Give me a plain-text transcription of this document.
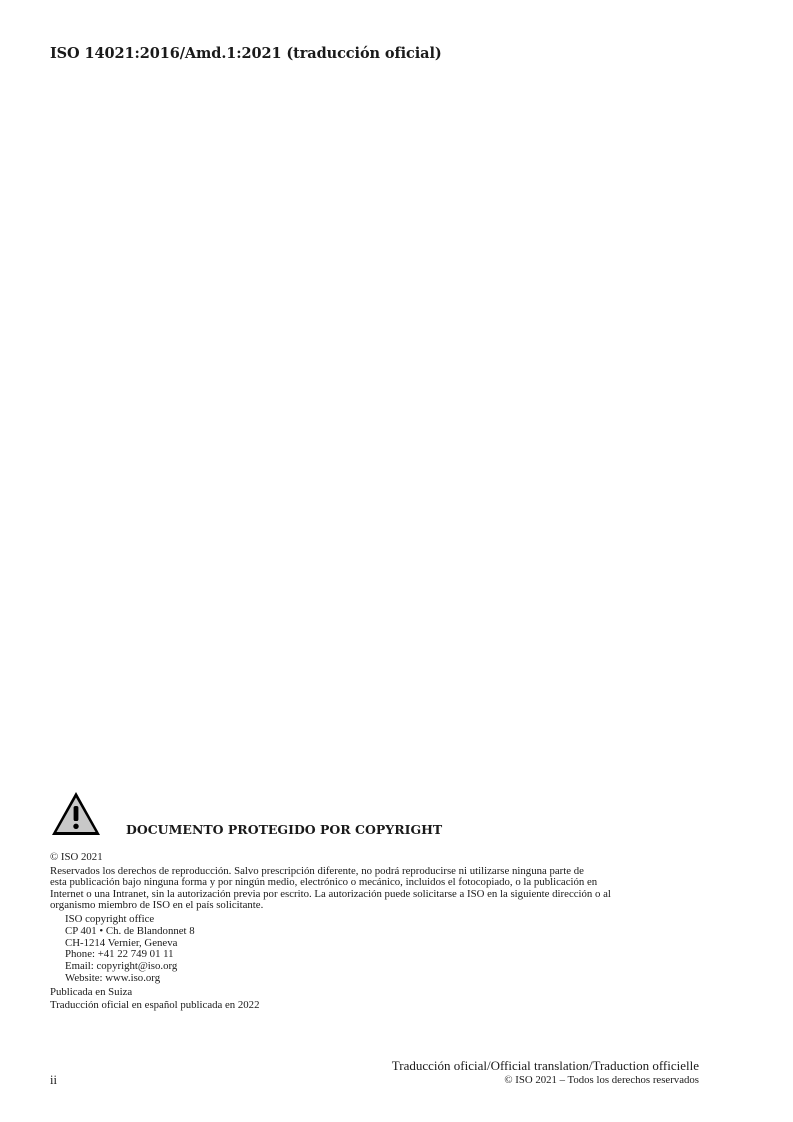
ISO 14021:2016/Amd.1:2021 (traducción oficial)
DOCUMENTO PROTEGIDO POR COPYRIGHT
© ISO 2021
Reservados los derechos de reproducción. Salvo prescripción diferente, no podrá reproducirse ni utilizarse ninguna parte de
esta publicación bajo ninguna forma y por ningún medio, electrónico o mecánico, incluidos el fotocopiado, o la publicación en
Internet o una Intranet, sin la autorización previa por escrito. La autorización puede solicitarse a ISO en la siguiente dirección o al
organismo miembro de ISO en el país solicitante.
ISO copyright office
CP 401 • Ch. de Blandonnet 8
CH-1214 Vernier, Geneva
Phone: +41 22 749 01 11
Email: copyright@iso.org
Website: www.iso.org
Publicada en Suiza
Traducción oficial en español publicada en 2022
Traducción oficial/Official translation/Traduction officielle
© ISO 2021 – Todos los derechos reservados
ii
